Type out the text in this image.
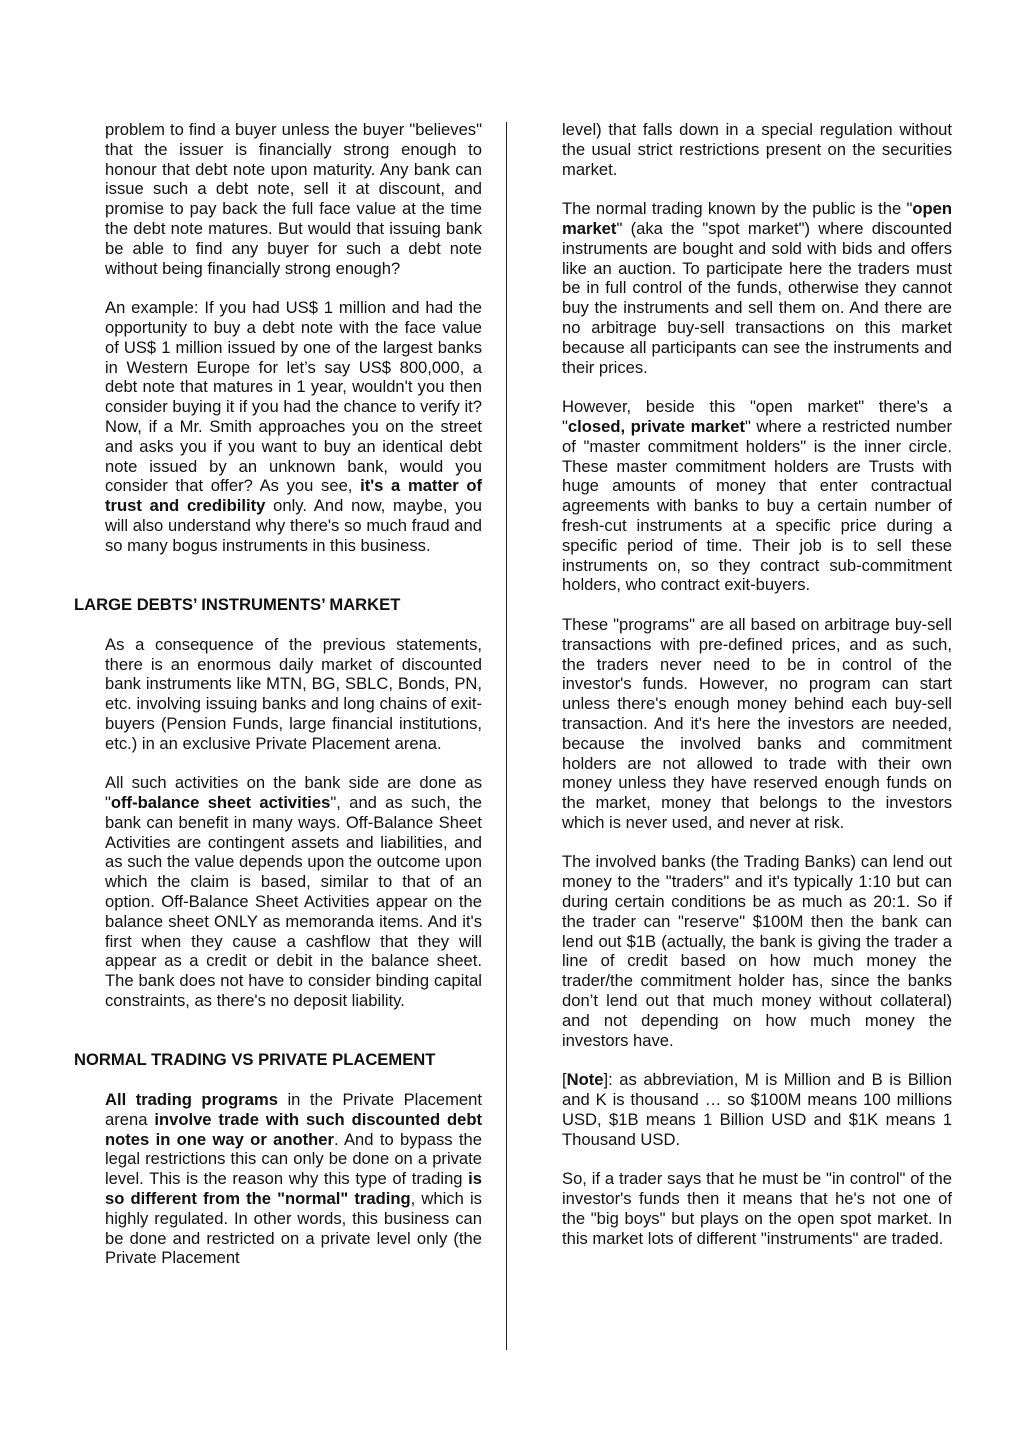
problem to find a buyer unless the buyer "believes" that the issuer is financially strong enough to honour that debt note upon maturity. Any bank can issue such a debt note, sell it at discount, and promise to pay back the full face value at the time the debt note matures. But would that issuing bank be able to find any buyer for such a debt note without being financially strong enough?

An example: If you had US$ 1 million and had the opportunity to buy a debt note with the face value of US$ 1 million issued by one of the largest banks in Western Europe for let’s say US$ 800,000, a debt note that matures in 1 year, wouldn't you then consider buying it if you had the chance to verify it? Now, if a Mr. Smith approaches you on the street and asks you if you want to buy an identical debt note issued by an unknown bank, would you consider that offer? As you see, it's a matter of trust and credibility only. And now, maybe, you will also understand why there's so much fraud and so many bogus instruments in this business.

LARGE DEBTS’ INSTRUMENTS’ MARKET

As a consequence of the previous statements, there is an enormous daily market of discounted bank instruments like MTN, BG, SBLC, Bonds, PN, etc. involving issuing banks and long chains of exit-buyers (Pension Funds, large financial institutions, etc.) in an exclusive Private Placement arena.

All such activities on the bank side are done as "off-balance sheet activities", and as such, the bank can benefit in many ways. Off-Balance Sheet Activities are contingent assets and liabilities, and as such the value depends upon the outcome upon which the claim is based, similar to that of an option. Off-Balance Sheet Activities appear on the balance sheet ONLY as memoranda items. And it's first when they cause a cashflow that they will appear as a credit or debit in the balance sheet. The bank does not have to consider binding capital constraints, as there's no deposit liability.

NORMAL TRADING VS PRIVATE PLACEMENT

All trading programs in the Private Placement arena involve trade with such discounted debt notes in one way or another. And to bypass the legal restrictions this can only be done on a private level. This is the reason why this type of trading is so different from the "normal" trading, which is highly regulated. In other words, this business can be done and restricted on a private level only (the Private Placement

level) that falls down in a special regulation without the usual strict restrictions present on the securities market.

The normal trading known by the public is the "open market" (aka the "spot market") where discounted instruments are bought and sold with bids and offers like an auction. To participate here the traders must be in full control of the funds, otherwise they cannot buy the instruments and sell them on. And there are no arbitrage buy-sell transactions on this market because all participants can see the instruments and their prices.

However, beside this "open market" there's a "closed, private market" where a restricted number of "master commitment holders" is the inner circle. These master commitment holders are Trusts with huge amounts of money that enter contractual agreements with banks to buy a certain number of fresh-cut instruments at a specific price during a specific period of time. Their job is to sell these instruments on, so they contract sub-commitment holders, who contract exit-buyers.

These "programs" are all based on arbitrage buy-sell transactions with pre-defined prices, and as such, the traders never need to be in control of the investor's funds. However, no program can start unless there's enough money behind each buy-sell transaction. And it's here the investors are needed, because the involved banks and commitment holders are not allowed to trade with their own money unless they have reserved enough funds on the market, money that belongs to the investors which is never used, and never at risk.

The involved banks (the Trading Banks) can lend out money to the "traders" and it's typically 1:10 but can during certain conditions be as much as 20:1. So if the trader can "reserve" $100M then the bank can lend out $1B (actually, the bank is giving the trader a line of credit based on how much money the trader/the commitment holder has, since the banks don’t lend out that much money without collateral) and not depending on how much money the investors have.

[Note]: as abbreviation, M is Million and B is Billion and K is thousand … so $100M means 100 millions USD, $1B means 1 Billion USD and $1K means 1 Thousand USD.

So, if a trader says that he must be "in control" of the investor's funds then it means that he's not one of the "big boys" but plays on the open spot market. In this market lots of different "instruments" are traded.
